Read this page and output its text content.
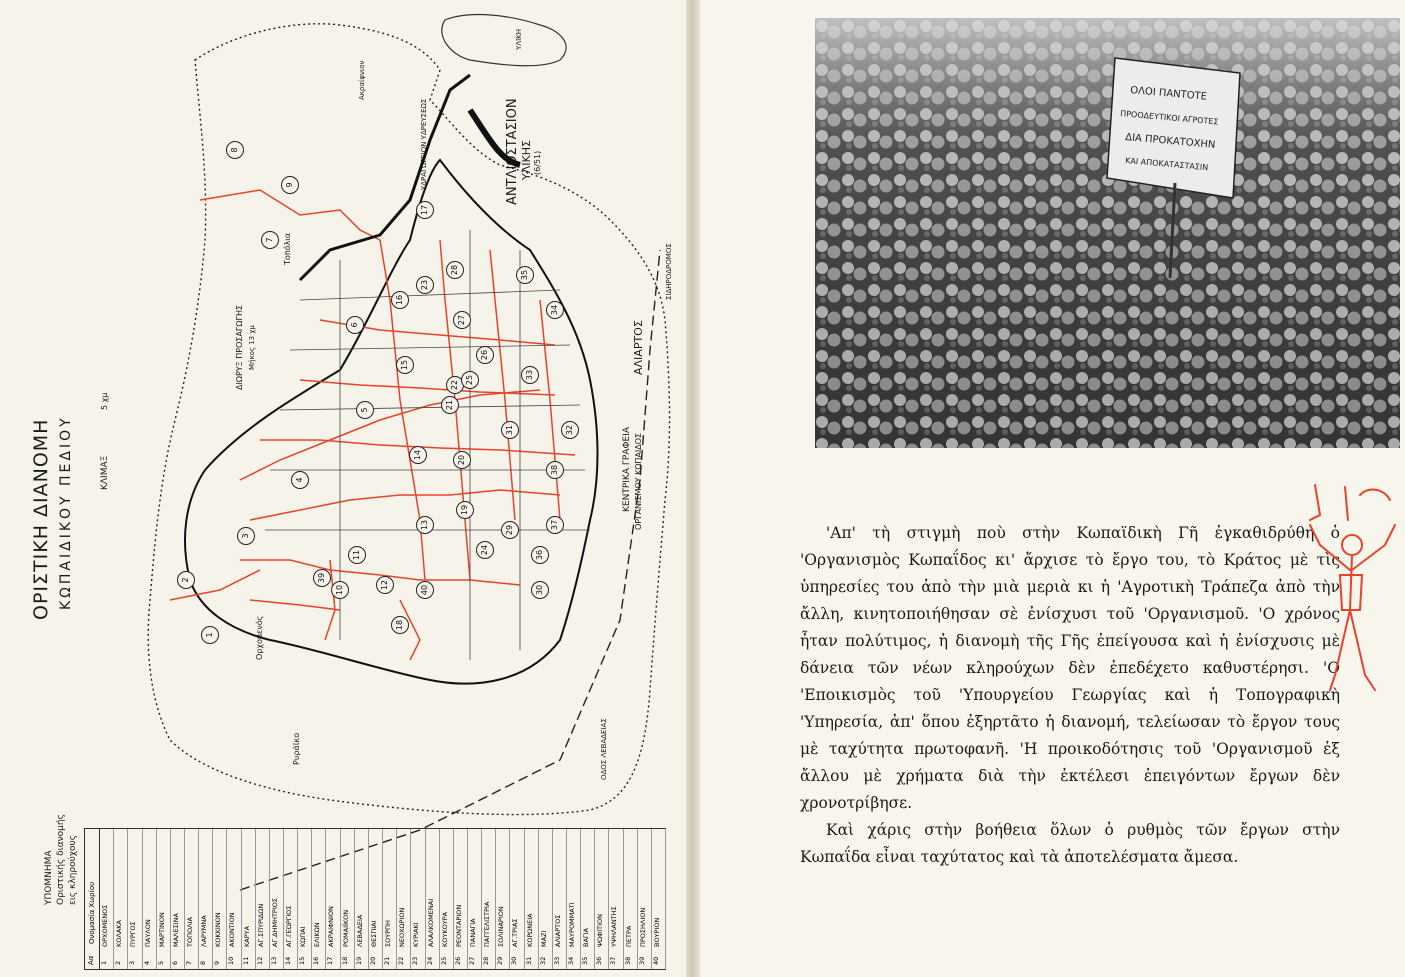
1
2
3
4
5
6
7
8
9
10
11
12
13
14
15
16
17
18
19
20
21
22
23
24
25
26
27
28
29
30
31	32
33
34
35
36
37
38
39
40
ΟΡΙΣΤΙΚΗ ΔΙΑΝΟΜΗ ΚΩΠΑΙΔΙΚΟΥ ΠΕΔΙΟΥ	ΚΛΙΜΑΞ
5 χμ
ΑΝΤΛΙΟΣΤΑΣΙΟΝ ΥΛΙΚΗΣ (6/51)
ΔΙΩΡΥΞ ΠΡΟΣΑΓΩΓΗΣ Μήκος 13 χμ	ΑΛΙΑΡΤΟΣ
ΚΕΝΤΡΙΚΑ ΓΡΑΦΕΙΑ ΟΡΓΑΝΙΣΜΟΥ ΚΩΠΑΙΔΟΣ
Ορχομενός
Ρυράϊκο
Τοπόλια
Ακραίφνιον
ΥΔΡΑΓΩΓΕΙΟΝ ΥΔΡΕΥΣΕΩΣ
ΣΙΔΗΡΟΔΡΟΜΟΣ
ΟΔΟΣ ΛΕΒΑΔΕΙΑΣ
ΥΛΙΚΗ
ΥΠΟΜΝΗΜΑ Οριστικής διανομής εις κληρούχους
Αα
Ονομασία Χωρίου
1
ΟΡΧΟΜΕΝΟΣ
2
ΚΟΛΑΚΑ
3
ΠΥΡΓΟΣ
4
ΠΑΥΛΟΝ
5
ΜΑΡΤΙΝΟΝ
6
ΜΑΛΕΣΙΝΑ
7
ΤΟΠΟΛΙΑ
8
ΛΑΡΥΜΝΑ
9
ΚΟΚΚΙΝΟΝ
10
ΑΚΟΝΤΙΟΝ
11
ΚΑΡΥΑ
12
ΑΓ.ΣΠΥΡΙΔΩΝ
13
ΑΓ.ΔΗΜΗΤΡΙΟΣ
14
ΑΓ.ΓΕΩΡΓΙΟΣ
15
ΚΩΠΑΙ
16
ΕΛΙΚΩΝ
17
ΑΚΡΑΙΦΝΙΟΝ
18
ΡΟΜΑΙΪΚΟΝ
19
ΛΕΒΑΔΕΙΑ
20
ΘΕΣΠΙΑΙ
21
ΣΟΥΡΠΗ
22
ΝΕΟΧΩΡΙΟΝ
23
ΚΥΡΙΑΚΙ
24
ΑΛΑΛΚΟΜΕΝΑΙ
25
ΚΟΥΚΟΥΡΑ
26
ΡΕΟΝΤΑΡΙΟΝ
27
ΠΑΝΑΓΙΑ
28
ΠΑΓΓΕΛΙΣΤΡΙΑ
29
ΣΟΛΙΝΑΡΙΟΝ
30
ΑΓ.ΤΡΙΑΣ
31
ΚΟΡΩΝΕΙΑ
32
ΜΑΖΙ
33
ΑΛΙΑΡΤΟΣ
34
ΜΑΥΡΟΜΜΑΤΙ
35
ΒΑΓΙΑ
36
ΨΩΦΙΤΙΟΝ
37
ΥΨΗΛΑΝΤΗΣ
38
ΠΕΤΡΑ
39
ΠΡΟΣΗΛΙΟΝ
40
ΒΟΥΡΙΟΝ
ΟΛΟΙ ΠΑΝΤΟΤΕ
ΠΡΟΟΔΕΥΤΙΚΟΙ ΑΓΡΟΤΕΣ
ΔΙΑ ΠΡΟΚΑΤΟΧΗΝ
ΚΑΙ ΑΠΟΚΑΤΑΣΤΑΣΙΝ

'Απ' τὴ στιγμὴ ποὺ στὴν Κωπαϊδικὴ Γῆ ἐγκαθιδρύθη ὁ 'Οργανισμὸς Κωπαΐδος κι' ἄρχισε τὸ ἔργο του, τὸ Κράτος μὲ τὶς ὑπηρεσίες του ἀπὸ τὴν μιὰ μεριὰ κι ἡ 'Αγροτικὴ Τράπεζα ἀπὸ τὴν ἄλλη, κινητοποιήθησαν σὲ ἐνίσχυσι τοῦ 'Οργανισμοῦ. 'Ο χρόνος ἦταν πολύτιμος, ἡ διανομὴ τῆς Γῆς ἐπείγουσα καὶ ἡ ἐνίσχυσις μὲ δάνεια τῶν νέων κληρούχων δὲν ἐπεδέχετο καθυστέρησι. 'Ο 'Εποικισμὸς τοῦ 'Υπουργείου Γεωργίας καὶ ἡ Τοπογραφικὴ 'Υπηρεσία, ἀπ' ὅπου ἐξηρτᾶτο ἡ διανομή, τελείωσαν τὸ ἔργον τους μὲ ταχύτητα πρωτοφανῆ. 'Η προικοδότησις τοῦ 'Οργανισμοῦ ἐξ ἄλλου μὲ χρήματα διὰ τὴν ἐκτέλεσι ἐπειγόντων ἔργων δὲν χρονοτρίβησε.

Καὶ χάρις στὴν βοήθεια ὅλων ὁ ρυθμὸς τῶν ἔργων στὴν Κωπαΐδα εἶναι ταχύτατος καὶ τὰ ἀποτελέσματα ἄμεσα.
